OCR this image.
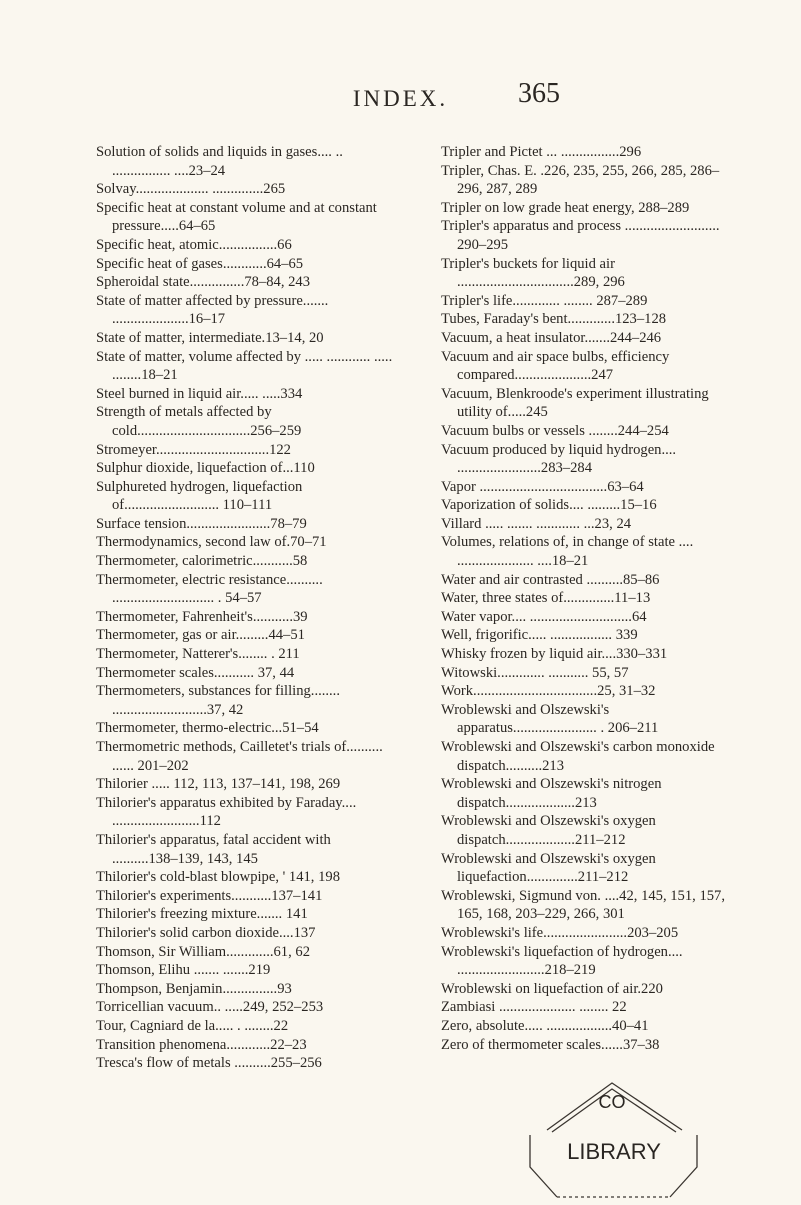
INDEX.	365

Solution of solids and liquids in gases.... .. ................ ....23–24

Solvay.................... ..............265

Specific heat at constant volume and at constant pressure.....64–65

Specific heat, atomic................66

Specific heat of gases............64–65

Spheroidal state...............78–84, 243

State of matter affected by pressure....... .....................16–17

State of matter, intermediate.13–14, 20

State of matter, volume affected by ..... ............ ..... ........18–21

Steel burned in liquid air..... .....334

Strength of metals affected by cold...............................256–259

Stromeyer...............................122

Sulphur dioxide, liquefaction of...110

Sulphureted hydrogen, liquefaction of.......................... 110–111

Surface tension.......................78–79

Thermodynamics, second law of.70–71

Thermometer, calorimetric...........58

Thermometer, electric resistance.......... ............................ . 54–57

Thermometer, Fahrenheit's...........39

Thermometer, gas or air.........44–51

Thermometer, Natterer's........ . 211

Thermometer scales........... 37, 44

Thermometers, substances for filling........ ..........................37, 42

Thermometer, thermo-electric...51–54

Thermometric methods, Cailletet's trials of.......... ...... 201–202

Thilorier ..... 112, 113, 137–141, 198, 269

Thilorier's apparatus exhibited by Faraday.... ........................112

Thilorier's apparatus, fatal accident with ..........138–139, 143, 145

Thilorier's cold-blast blowpipe, ' 141, 198

Thilorier's experiments...........137–141

Thilorier's freezing mixture....... 141

Thilorier's solid carbon dioxide....137

Thomson, Sir William.............61, 62

Thomson, Elihu ....... .......219

Thompson, Benjamin...............93

Torricellian vacuum.. .....249, 252–253

Tour, Cagniard de la..... . ........22

Transition phenomena............22–23

Tresca's flow of metals ..........255–256

Tripler and Pictet ... ................296

Tripler, Chas. E. .226, 235, 255, 266, 285, 286–296, 287, 289

Tripler on low grade heat energy, 288–289

Tripler's apparatus and process .......................... 290–295

Tripler's buckets for liquid air ................................289, 296

Tripler's life............. ........ 287–289

Tubes, Faraday's bent.............123–128

Vacuum, a heat insulator.......244–246

Vacuum and air space bulbs, efficiency compared.....................247

Vacuum, Blenkroode's experiment illustrating utility of.....245

Vacuum bulbs or vessels ........244–254

Vacuum produced by liquid hydrogen.... .......................283–284

Vapor ...................................63–64

Vaporization of solids.... .........15–16

Villard ..... ....... ............ ...23, 24

Volumes, relations of, in change of state .... ..................... ....18–21

Water and air contrasted ..........85–86

Water, three states of..............11–13

Water vapor.... ............................64

Well, frigorific..... ................. 339

Whisky frozen by liquid air....330–331

Witowski............. ........... 55, 57

Work..................................25, 31–32

Wroblewski and Olszewski's apparatus....................... . 206–211

Wroblewski and Olszewski's carbon monoxide dispatch..........213

Wroblewski and Olszewski's nitrogen dispatch...................213

Wroblewski and Olszewski's oxygen dispatch...................211–212

Wroblewski and Olszewski's oxygen liquefaction..............211–212

Wroblewski, Sigmund von. ....42, 145, 151, 157, 165, 168, 203–229, 266, 301

Wroblewski's life.......................203–205

Wroblewski's liquefaction of hydrogen.... ........................218–219

Wroblewski on liquefaction of air.220

Zambiasi ..................... ........ 22

Zero, absolute..... ..................40–41

Zero of thermometer scales......37–38

CO
LIBRARY
